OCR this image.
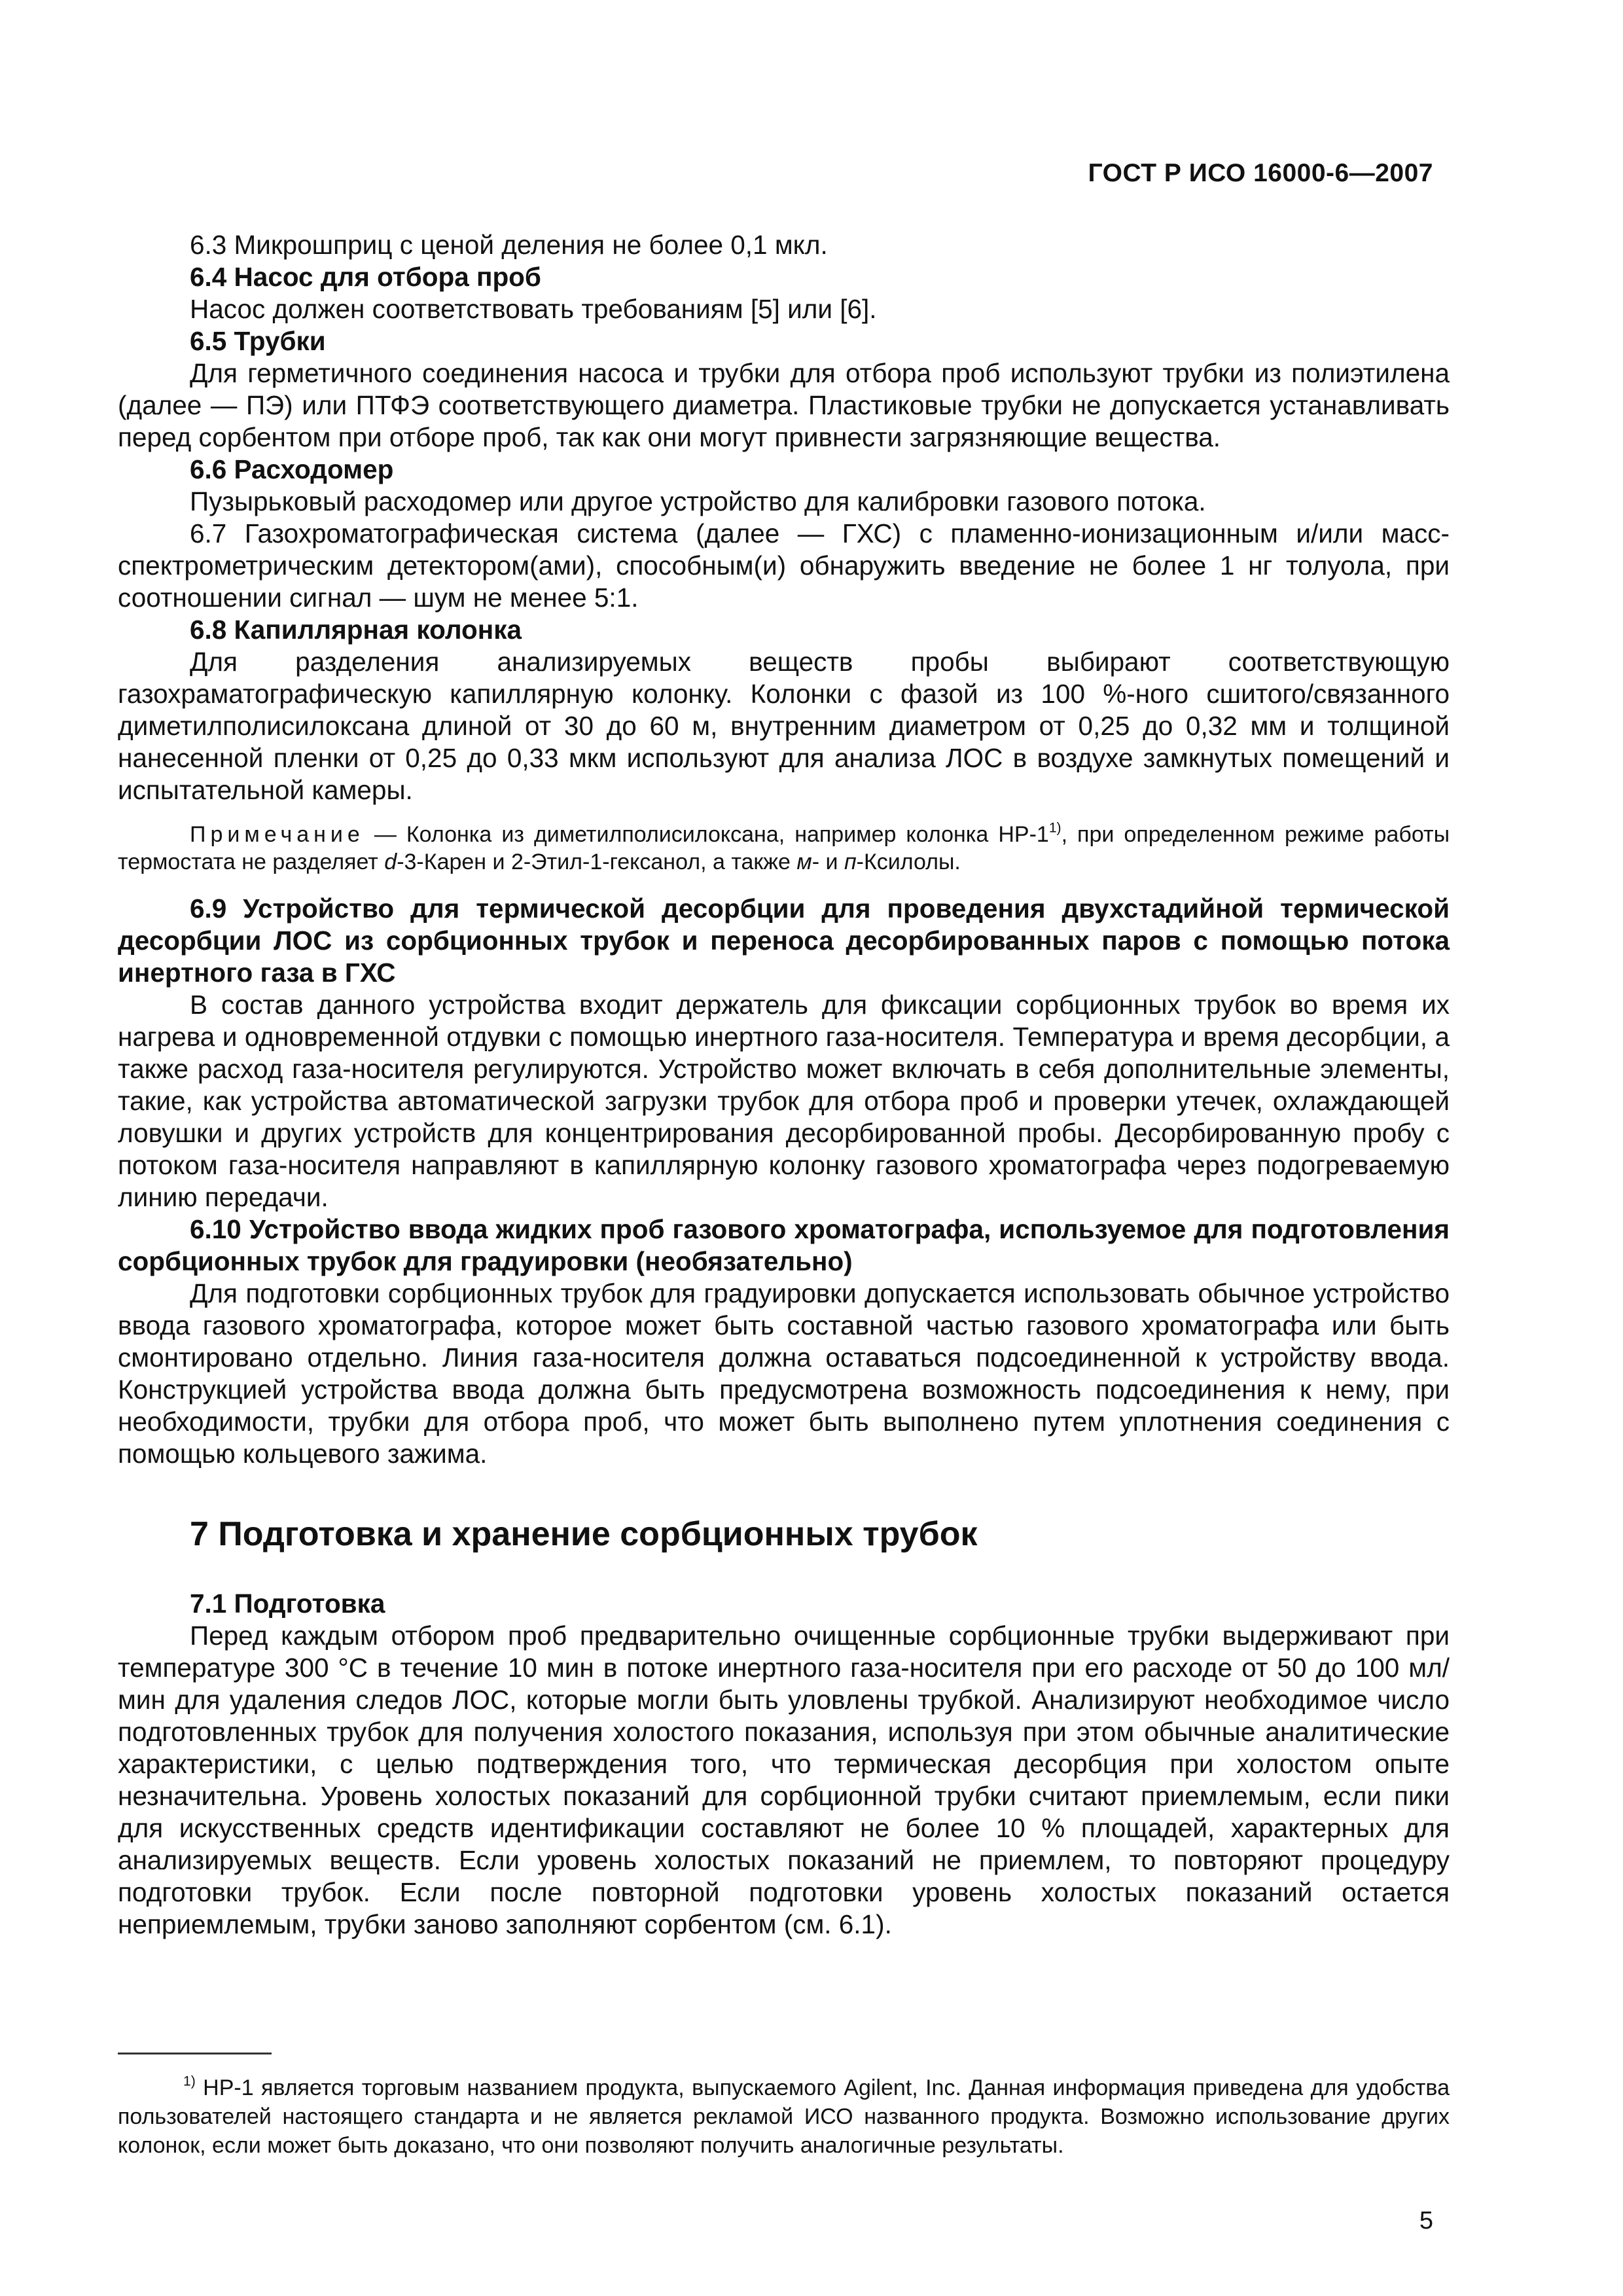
ГОСТ Р ИСО 16000-6—2007

6.3 Микрошприц с ценой деления не более 0,1 мкл.

6.4 Насос для отбора проб

Насос должен соответствовать требованиям [5] или [6].

6.5 Трубки

Для герметичного соединения насоса и трубки для отбора проб используют трубки из полиэтилена (далее — ПЭ) или ПТФЭ соответствующего диаметра. Пластиковые трубки не допускается устанавливать перед сорбентом при отборе проб, так как они могут привнести загрязняющие вещества.

6.6 Расходомер

Пузырьковый расходомер или другое устройство для калибровки газового потока.

6.7 Газохроматографическая система (далее — ГХС) с пламенно-ионизационным и/или масс-спектрометрическим детектором(ами), способным(и) обнаружить введение не более 1 нг толуола, при соотношении сигнал — шум не менее 5:1.

6.8 Капиллярная колонка

Для разделения анализируемых веществ пробы выбирают соответствующую газохраматографическую капиллярную колонку. Колонки с фазой из 100 %-ного сшитого/связанного диметилполисилоксана длиной от 30 до 60 м, внутренним диаметром от 0,25 до 0,32 мм и толщиной нанесенной пленки от 0,25 до 0,33 мкм используют для анализа ЛОС в воздухе замкнутых помещений и испытательной камеры.

Примечание — Колонка из диметилполисилоксана, например колонка НР-1$^{1)}$, при определенном режиме работы термостата не разделяет d-3-Карен и 2-Этил-1-гексанол, а также м- и п-Ксилолы.

6.9 Устройство для термической десорбции для проведения двухстадийной термической десорбции ЛОС из сорбционных трубок и переноса десорбированных паров с помощью потока инертного газа в ГХС

В состав данного устройства входит держатель для фиксации сорбционных трубок во время их нагрева и одновременной отдувки с помощью инертного газа-носителя. Температура и время десорбции, а также расход газа-носителя регулируются. Устройство может включать в себя дополнительные элементы, такие, как устройства автоматической загрузки трубок для отбора проб и проверки утечек, охлаждающей ловушки и других устройств для концентрирования десорбированной пробы. Десорбированную пробу с потоком газа-носителя направляют в капиллярную колонку газового хроматографа через подогреваемую линию передачи.

6.10 Устройство ввода жидких проб газового хроматографа, используемое для подготовления сорбционных трубок для градуировки (необязательно)

Для подготовки сорбционных трубок для градуировки допускается использовать обычное устройство ввода газового хроматографа, которое может быть составной частью газового хроматографа или быть смонтировано отдельно. Линия газа-носителя должна оставаться подсоединенной к устройству ввода. Конструкцией устройства ввода должна быть предусмотрена возможность подсоединения к нему, при необходимости, трубки для отбора проб, что может быть выполнено путем уплотнения соединения с помощью кольцевого зажима.

7 Подготовка и хранение сорбционных трубок

7.1 Подготовка

Перед каждым отбором проб предварительно очищенные сорбционные трубки выдерживают при температуре 300 °С в течение 10 мин в потоке инертного газа-носителя при его расходе от 50 до 100 мл/мин для удаления следов ЛОС, которые могли быть уловлены трубкой. Анализируют необходимое число подготовленных трубок для получения холостого показания, используя при этом обычные аналитические характеристики, с целью подтверждения того, что термическая десорбция при холостом опыте незначительна. Уровень холостых показаний для сорбционной трубки считают приемлемым, если пики для искусственных средств идентификации составляют не более 10 % площадей, характерных для анализируемых веществ. Если уровень холостых показаний не приемлем, то повторяют процедуру подготовки трубок. Если после повторной подготовки уровень холостых показаний остается неприемлемым, трубки заново заполняют сорбентом (см. 6.1).

$^{1)}$ НР-1 является торговым названием продукта, выпускаемого Agilent, Inc. Данная информация приведена для удобства пользователей настоящего стандарта и не является рекламой ИСО названного продукта. Возможно использование других колонок, если может быть доказано, что они позволяют получить аналогичные результаты.

5
